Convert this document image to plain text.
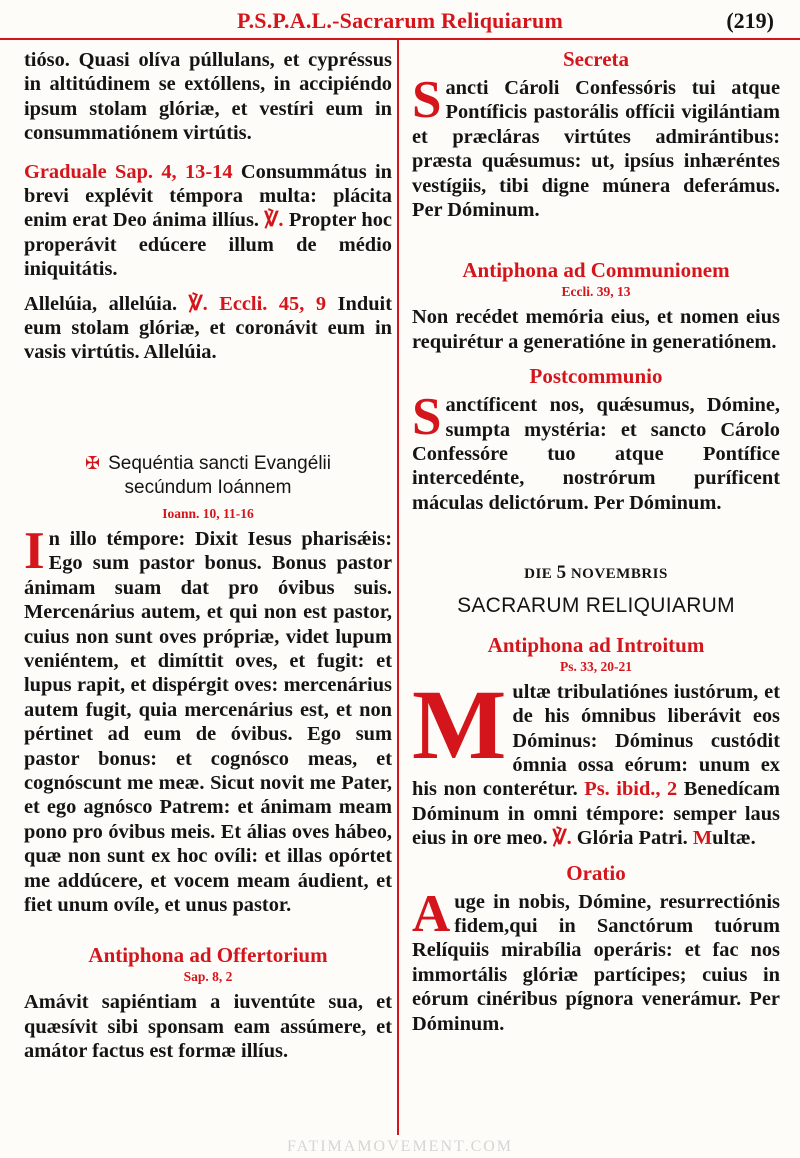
P.S.P.A.L.-Sacrarum Reliquiarum	(219)

tióso. Quasi olíva púllulans, et cypréssus in altitúdinem se extóllens, in accipiéndo ipsum stolam glóriæ, et vestíri eum in consummatiónem virtútis.

Graduale Sap. 4, 13-14 Consummátus in brevi explévit témpora multa: plácita enim erat Deo ánima illíus. ℣. Propter hoc properávit edúcere illum de médio iniquitátis.

Allelúia, allelúia. ℣. Eccli. 45, 9 Induit eum stolam glóriæ, et coronávit eum in vasis virtútis. Allelúia.

✠ Sequéntia sancti Evangélii
secúndum Ioánnem
Ioann. 10, 11-16

In illo témpore: Dixit Iesus pharisǽis: Ego sum pastor bonus. Bonus pastor ánimam suam dat pro óvibus suis. Mercenárius autem, et qui non est pastor, cuius non sunt oves própriæ, videt lupum veniéntem, et dimíttit oves, et fugit: et lupus rapit, et dispérgit oves: mercenárius autem fugit, quia mercenárius est, et non pértinet ad eum de óvibus. Ego sum pastor bonus: et cognósco meas, et cognóscunt me meæ. Sicut novit me Pater, et ego agnósco Patrem: et ánimam meam pono pro óvibus meis. Et álias oves hábeo, quæ non sunt ex hoc ovíli: et illas opórtet me addúcere, et vocem meam áudient, et fiet unum ovíle, et unus pastor.

Antiphona ad Offertorium
Sap. 8, 2

Amávit sapiéntiam a iuventúte sua, et quæsívit sibi sponsam eam assúmere, et amátor factus est formæ illíus.

Secreta

Sancti Cároli Confessóris tui atque Pontíficis pastorális offícii vigilántiam et præcláras virtútes admirántibus: præsta quǽsumus: ut, ipsíus inhæréntes vestígiis, tibi digne múnera deferámus. Per Dóminum.

Antiphona ad Communionem
Eccli. 39, 13

Non recédet memória eius, et nomen eius requirétur a generatióne in generatiónem.

Postcommunio

Sanctíficent nos, quǽsumus, Dómine, sumpta mystéria: et sancto Cárolo Confessóre tuo atque Pontífice intercedénte, nostrórum puríficent máculas delictórum. Per Dóminum.

DIE 5 NOVEMBRIS
SACRARUM RELIQUIARUM
Antiphona ad Introitum
Ps. 33, 20-21

Multæ tribulatiónes iustórum, et de his ómnibus liberávit eos Dóminus: Dóminus custódit ómnia ossa eórum: unum ex his non conterétur. Ps. ibid., 2 Benedícam Dóminum in omni témpore: semper laus eius in ore meo. ℣. Glória Patri. Multæ.

Oratio

Auge in nobis, Dómine, resurrectiónis fidem,qui in Sanctórum tuórum Relíquiis mirabília operáris: et fac nos immortális glóriæ partícipes; cuius in eórum cinéribus pígnora venerámur. Per Dóminum.

FATIMAMOVEMENT.COM
